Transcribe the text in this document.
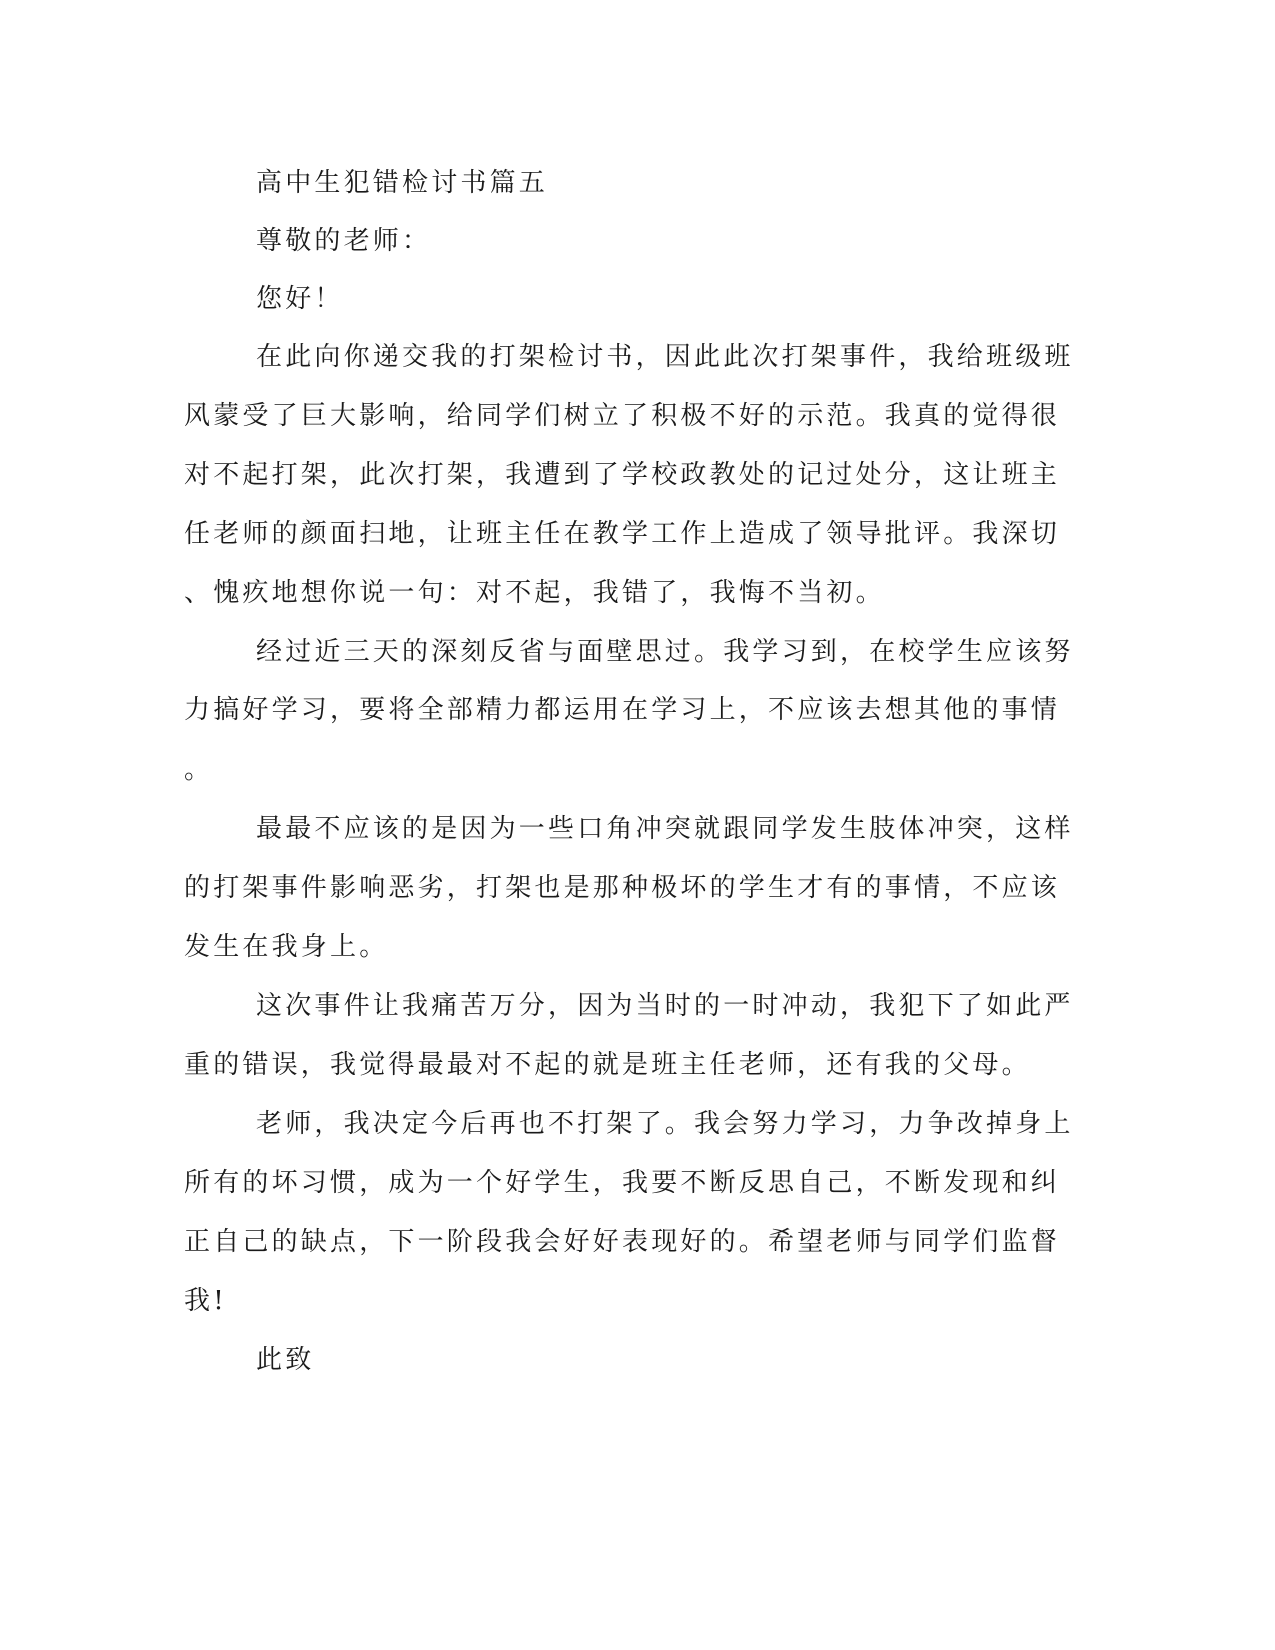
高中生犯错检讨书篇五
尊敬的老师：
您好！
在此向你递交我的打架检讨书，因此此次打架事件，我给班级班
风蒙受了巨大影响，给同学们树立了积极不好的示范。我真的觉得很
对不起打架，此次打架，我遭到了学校政教处的记过处分，这让班主
任老师的颜面扫地，让班主任在教学工作上造成了领导批评。我深切
、愧疚地想你说一句：对不起，我错了，我悔不当初。
经过近三天的深刻反省与面壁思过。我学习到，在校学生应该努
力搞好学习，要将全部精力都运用在学习上，不应该去想其他的事情
。
最最不应该的是因为一些口角冲突就跟同学发生肢体冲突，这样
的打架事件影响恶劣，打架也是那种极坏的学生才有的事情，不应该
发生在我身上。
这次事件让我痛苦万分，因为当时的一时冲动，我犯下了如此严
重的错误，我觉得最最对不起的就是班主任老师，还有我的父母。
老师，我决定今后再也不打架了。我会努力学习，力争改掉身上
所有的坏习惯，成为一个好学生，我要不断反思自己，不断发现和纠
正自己的缺点，下一阶段我会好好表现好的。希望老师与同学们监督
我!
此致
